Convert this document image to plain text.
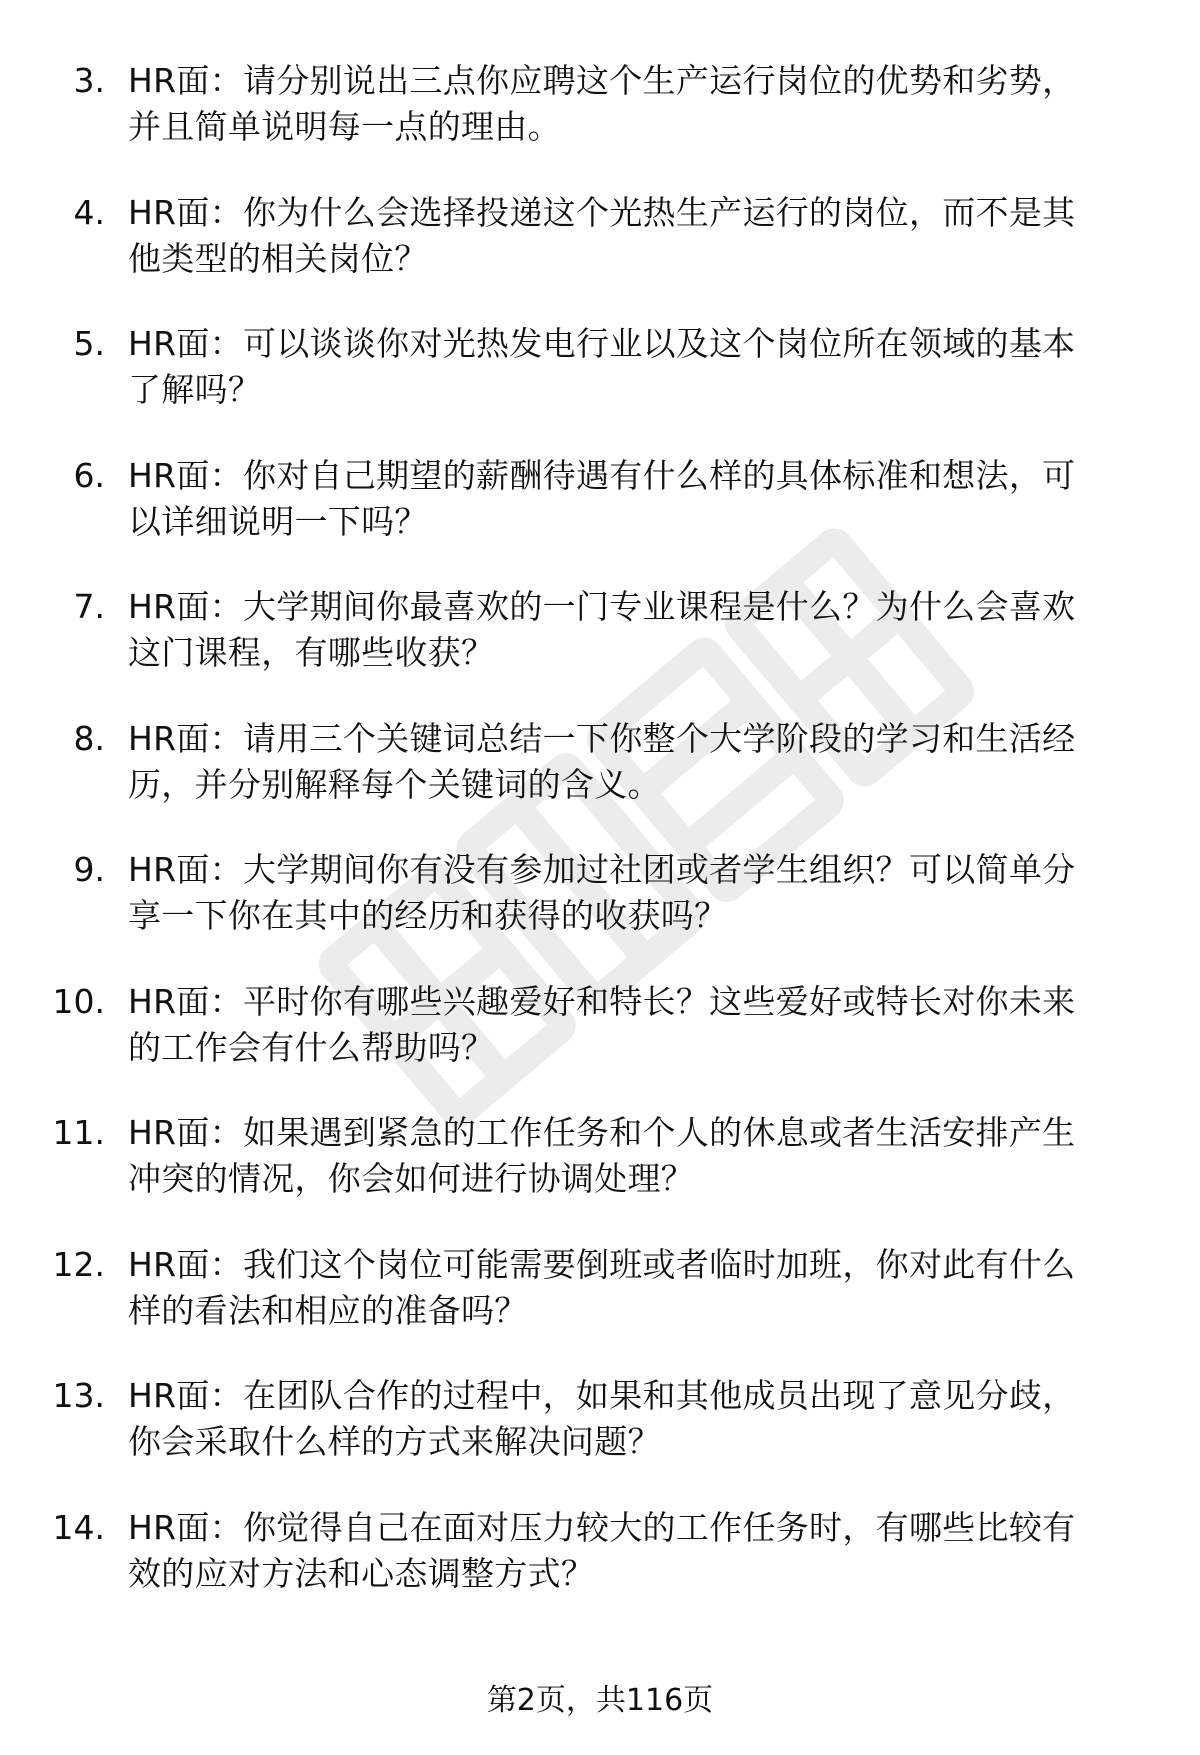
3. HR面：请分别说出三点你应聘这个生产运行岗位的优势和劣势，
并且简单说明每一点的理由。
4. HR面：你为什么会选择投递这个光热生产运行的岗位，而不是其
他类型的相关岗位？
5. HR面：可以谈谈你对光热发电行业以及这个岗位所在领域的基本
了解吗？
6. HR面：你对自己期望的薪酬待遇有什么样的具体标准和想法，可
以详细说明一下吗？
7. HR面：大学期间你最喜欢的一门专业课程是什么？为什么会喜欢
这门课程，有哪些收获？
8. HR面：请用三个关键词总结一下你整个大学阶段的学习和生活经
历，并分别解释每个关键词的含义。
9. HR面：大学期间你有没有参加过社团或者学生组织？可以简单分
享一下你在其中的经历和获得的收获吗？
10. HR面：平时你有哪些兴趣爱好和特长？这些爱好或特长对你未来
的工作会有什么帮助吗？
11. HR面：如果遇到紧急的工作任务和个人的休息或者生活安排产生
冲突的情况，你会如何进行协调处理？
12. HR面：我们这个岗位可能需要倒班或者临时加班，你对此有什么
样的看法和相应的准备吗？
13. HR面：在团队合作的过程中，如果和其他成员出现了意见分歧，
你会采取什么样的方式来解决问题？
14. HR面：你觉得自己在面对压力较大的工作任务时，有哪些比较有
效的应对方法和心态调整方式？
第2页，共116页
